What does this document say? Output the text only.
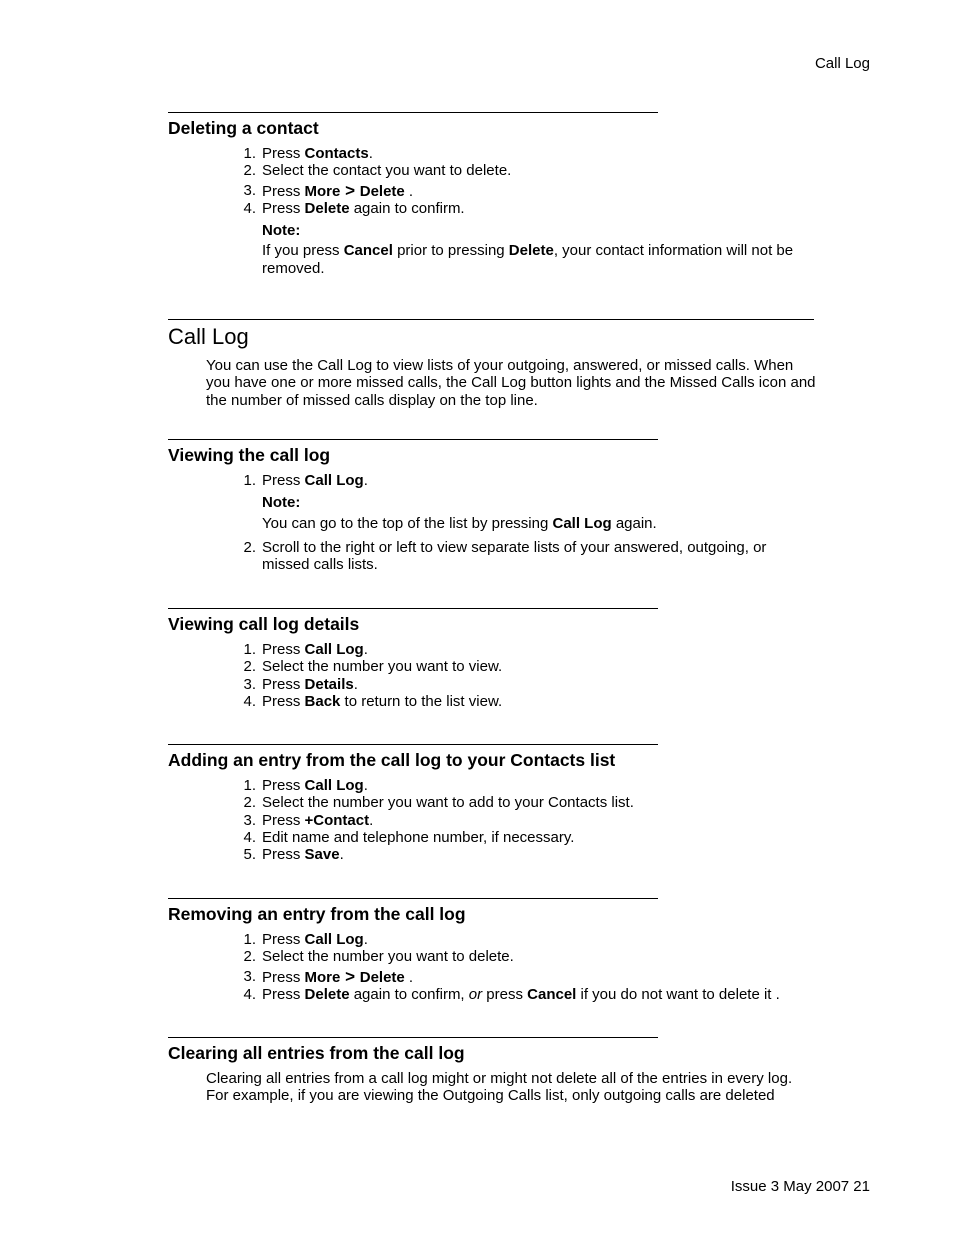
Call Log
Deleting a contact
1. Press Contacts.
2. Select the contact you want to delete.
3. Press More > Delete .
4. Press Delete again to confirm.
Note:
If you press Cancel prior to pressing Delete, your contact information will not be removed.
Call Log
You can use the Call Log to view lists of your outgoing, answered, or missed calls. When you have one or more missed calls, the Call Log button lights and the Missed Calls icon and the number of missed calls display on the top line.
Viewing the call log
1. Press Call Log.
Note:
You can go to the top of the list by pressing Call Log again.
2. Scroll to the right or left to view separate lists of your answered, outgoing, or missed calls lists.
Viewing call log details
1. Press Call Log.
2. Select the number you want to view.
3. Press Details.
4. Press Back to return to the list view.
Adding an entry from the call log to your Contacts list
1. Press Call Log.
2. Select the number you want to add to your Contacts list.
3. Press +Contact.
4. Edit name and telephone number, if necessary.
5. Press Save.
Removing an entry from the call log
1. Press Call Log.
2. Select the number you want to delete.
3. Press More > Delete .
4. Press Delete again to confirm, or press Cancel if you do not want to delete it .
Clearing all entries from the call log
Clearing all entries from a call log might or might not delete all of the entries in every log. For example, if you are viewing the Outgoing Calls list, only outgoing calls are deleted
Issue 3 May 2007 21
